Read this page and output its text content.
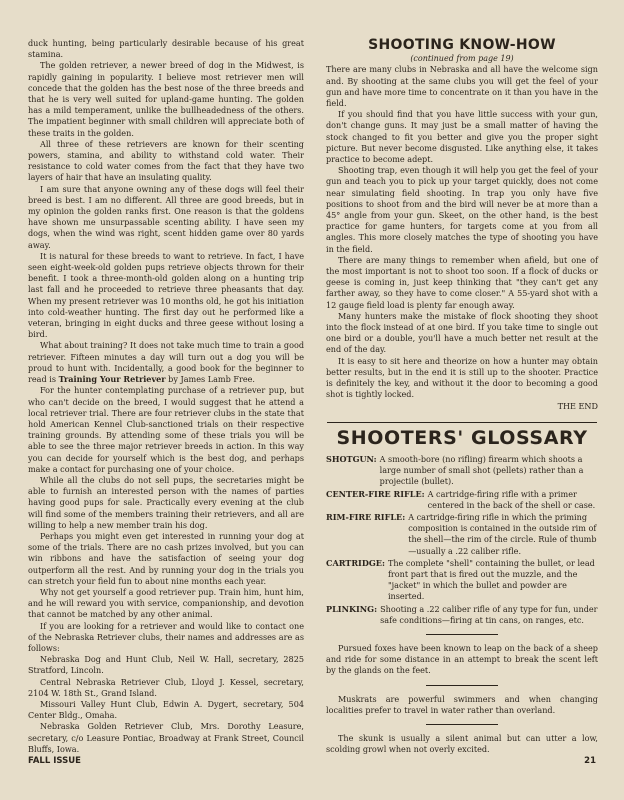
duck hunting, being particularly desirable because of his great stamina.

The golden retriever, a newer breed of dog in the Midwest, is rapidly gaining in popularity. I believe most retriever men will concede that the golden has the best nose of the three breeds and that he is very well suited for upland-game hunting. The golden has a mild temperament, unlike the bullheadedness of the others. The impatient beginner with small children will appreciate both of these traits in the golden.

All three of these retrievers are known for their scenting powers, stamina, and ability to withstand cold water. Their resistance to cold water comes from the fact that they have two layers of hair that have an insulating quality.

I am sure that anyone owning any of these dogs will feel their breed is best. I am no different. All three are good breeds, but in my opinion the golden ranks first. One reason is that the goldens have shown me unsurpassable scenting ability. I have seen my dogs, when the wind was right, scent hidden game over 80 yards away.

It is natural for these breeds to want to retrieve. In fact, I have seen eight-week-old golden pups retrieve objects thrown for their benefit. I took a three-month-old golden along on a hunting trip last fall and he proceeded to retrieve three pheasants that day. When my present retriever was 10 months old, he got his initiation into cold-weather hunting. The first day out he performed like a veteran, bringing in eight ducks and three geese without losing a bird.

What about training? It does not take much time to train a good retriever. Fifteen minutes a day will turn out a dog you will be proud to hunt with. Incidentally, a good book for the beginner to read is Training Your Retriever by James Lamb Free.

For the hunter contemplating purchase of a retriever pup, but who can't decide on the breed, I would suggest that he attend a local retriever trial. There are four retriever clubs in the state that hold American Kennel Club-sanctioned trials on their respective training grounds. By attending some of these trials you will be able to see the three major retriever breeds in action. In this way you can decide for yourself which is the best dog, and perhaps make a contact for purchasing one of your choice.

While all the clubs do not sell pups, the secretaries might be able to furnish an interested person with the names of parties having good pups for sale. Practically every evening at the club will find some of the members training their retrievers, and all are willing to help a new member train his dog.

Perhaps you might even get interested in running your dog at some of the trials. There are no cash prizes involved, but you can win ribbons and have the satisfaction of seeing your dog outperform all the rest. And by running your dog in the trials you can stretch your field fun to about nine months each year.

Why not get yourself a good retriever pup. Train him, hunt him, and he will reward you with service, companionship, and devotion that cannot be matched by any other animal.

If you are looking for a retriever and would like to contact one of the Nebraska Retriever clubs, their names and addresses are as follows:

Nebraska Dog and Hunt Club, Neil W. Hall, secretary, 2825 Stratford, Lincoln.

Central Nebraska Retriever Club, Lloyd J. Kessel, secretary, 2104 W. 18th St., Grand Island.

Missouri Valley Hunt Club, Edwin A. Dygert, secretary, 504 Center Bldg., Omaha.

Nebraska Golden Retriever Club, Mrs. Dorothy Leasure, secretary, c/o Leasure Pontiac, Broadway at Frank Street, Council Bluffs, Iowa.

SHOOTING KNOW-HOW

(continued from page 19)

There are many clubs in Nebraska and all have the welcome sign and. By shooting at the same clubs you will get the feel of your gun and have more time to concentrate on it than you have in the field.

If you should find that you have little success with your gun, don't change guns. It may just be a small matter of having the stock changed to fit you better and give you the proper sight picture. But never become disgusted. Like anything else, it takes practice to become adept.

Shooting trap, even though it will help you get the feel of your gun and teach you to pick up your target quickly, does not come near simulating field shooting. In trap you only have five positions to shoot from and the bird will never be at more than a 45° angle from your gun. Skeet, on the other hand, is the best practice for game hunters, for targets come at you from all angles. This more closely matches the type of shooting you have in the field.

There are many things to remember when afield, but one of the most important is not to shoot too soon. If a flock of ducks or geese is coming in, just keep thinking that "they can't get any farther away, so they have to come closer." A 55-yard shot with a 12 gauge field load is plenty far enough away.

Many hunters make the mistake of flock shooting they shoot into the flock instead of at one bird. If you take time to single out one bird or a double, you'll have a much better net result at the end of the day.

It is easy to sit here and theorize on how a hunter may obtain better results, but in the end it is still up to the shooter. Practice is definitely the key, and without it the door to becoming a good shot is tightly locked.

THE END

SHOOTERS' GLOSSARY
SHOTGUN: A smooth-bore (no rifling) firearm which shoots a large number of small shot (pellets) rather than a projectile (bullet).
CENTER-FIRE RIFLE: A cartridge-firing rifle with a primer centered in the back of the shell or case.
RIM-FIRE RIFLE: A cartridge-firing rifle in which the priming composition is contained in the outside rim of the shell—the rim of the circle. Rule of thumb—usually a .22 caliber rifle.
CARTRIDGE: The complete "shell" containing the bullet, or lead front part that is fired out the muzzle, and the "jacket" in which the bullet and powder are inserted.
PLINKING: Shooting a .22 caliber rifle of any type for fun, under safe conditions—firing at tin cans, on ranges, etc.

Pursued foxes have been known to leap on the back of a sheep and ride for some distance in an attempt to break the scent left by the glands on the feet.

Muskrats are powerful swimmers and when changing localities prefer to travel in water rather than overland.

The skunk is usually a silent animal but can utter a low, scolding growl when not overly excited.

FALL ISSUE	21
